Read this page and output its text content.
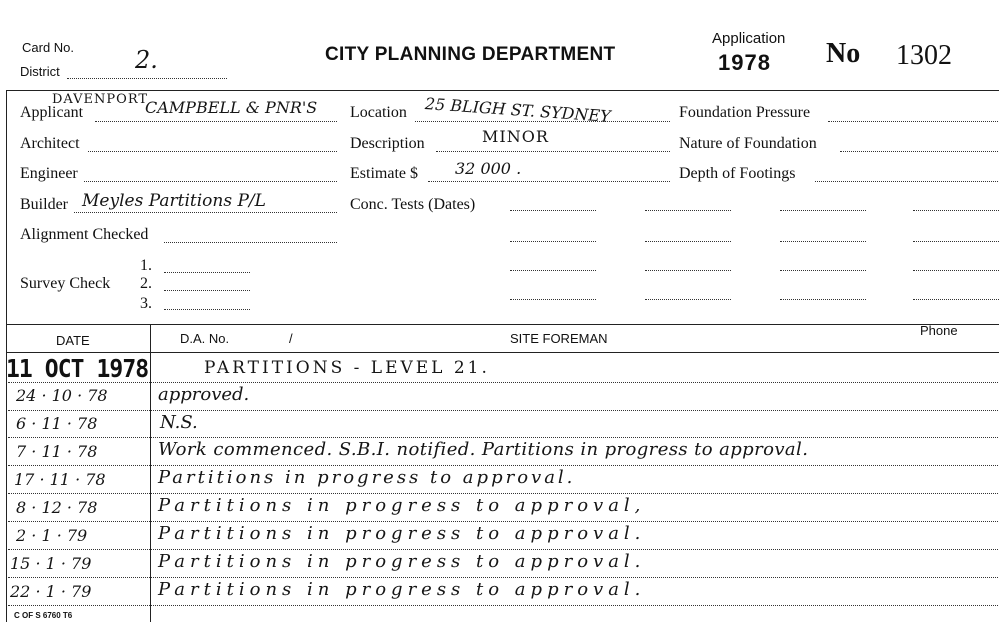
Card No.
District	2.	CITY PLANNING DEPARTMENT
Application
1978 No 1302
DAVENPORT
Applicant	CAMPBELL & PNR'S
Architect
Engineer
Builder Meyles Partitions P/L
Alignment Checked
Survey Check
1.
2.
3.
Location 25 BLIGH ST. SYDNEY
Description	MINOR
Estimate $ 32 000 .
Conc. Tests (Dates)
Foundation Pressure
Nature of Foundation
Depth of Footings
DATE	D.A. No.	/	SITE FOREMAN
Phone
11 OCT 1978	PARTITIONS - LEVEL 21.
24 · 10 · 78	approved.
6 · 11 · 78	N.S.
7 · 11 · 78	Work commenced. S.B.I. notified. Partitions in progress to approval.
17 · 11 · 78	Partitions in progress to approval.
8 · 12 · 78	Partitions in progress to approval,
2 · 1 · 79	Partitions in progress to approval.
15 · 1 · 79	Partitions in progress to approval.
22 · 1 · 79	Partitions in progress to approval.
C OF S 6760 T6
